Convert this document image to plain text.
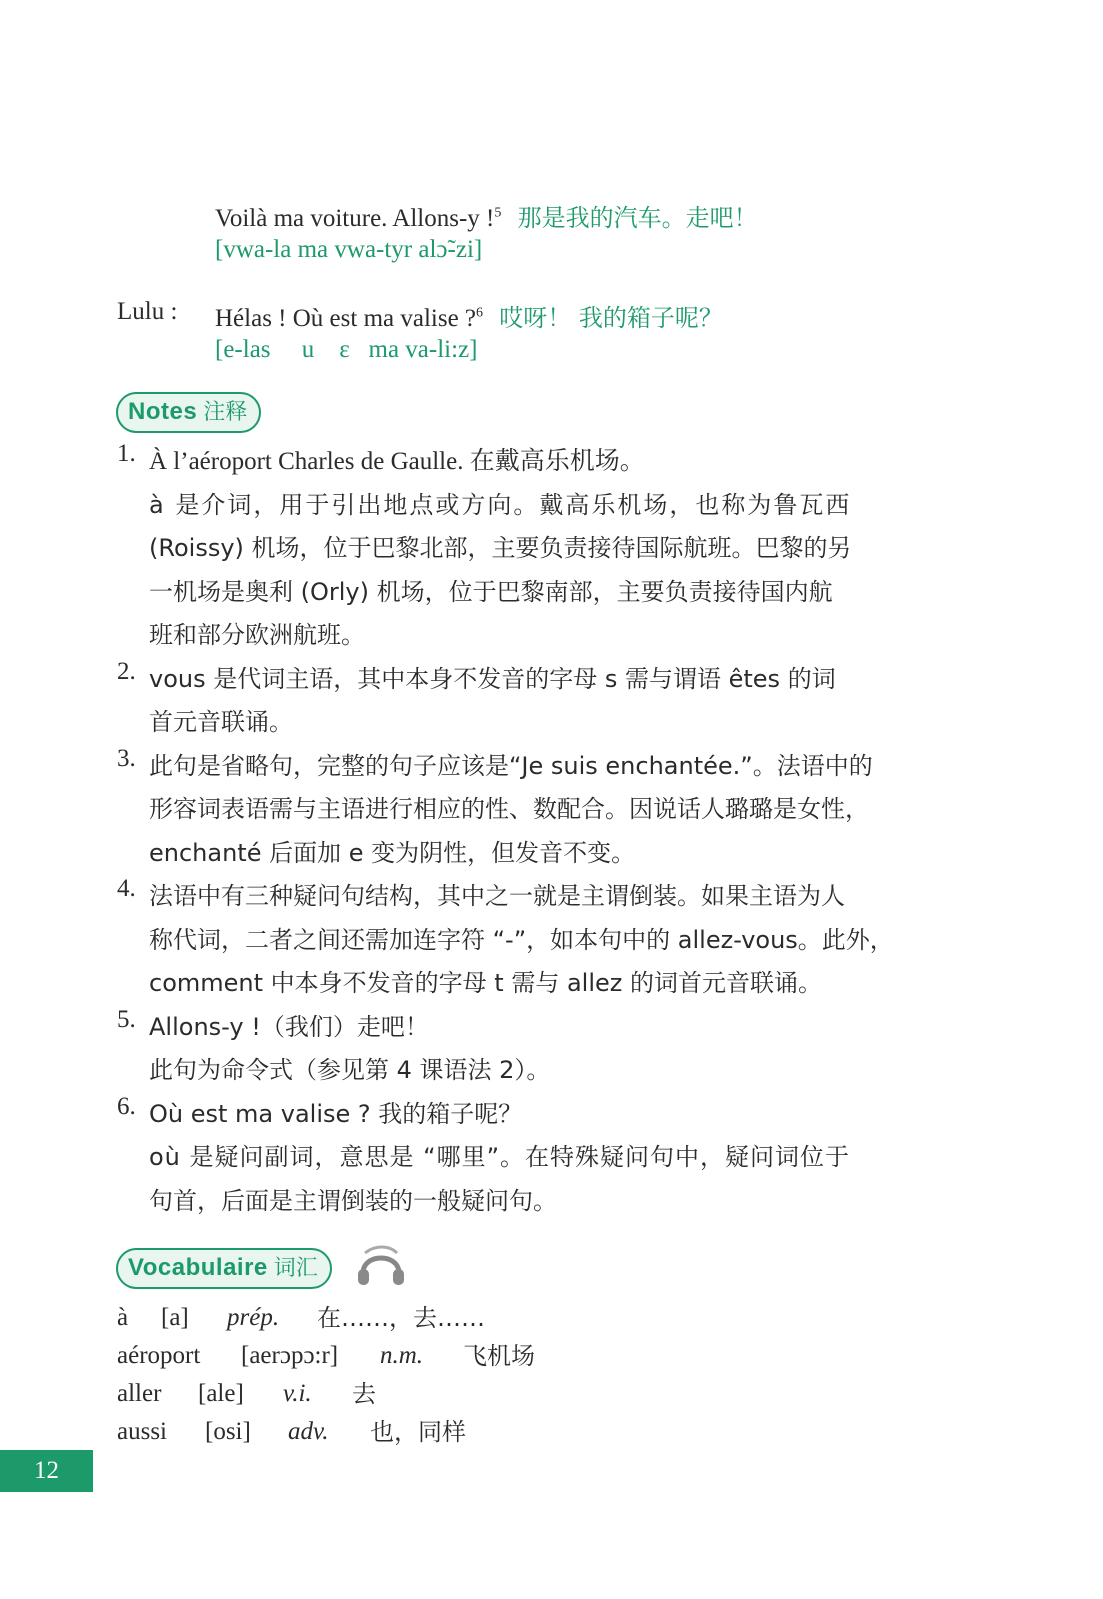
Voilà ma voiture. Allons-y !$^5$ 那是我的汽车。走吧！
[vwa-la ma vwa-tyr alɔ̃-zi]
Lulu : Hélas ! Où est ma valise ?$^6$ 哎呀！ 我的箱子呢？
[e-las     u    ɛ   ma va-li:z]
Notes 注释
1. À l’aéroport Charles de Gaulle. 在戴高乐机场。

à 是介词，用于引出地点或方向。戴高乐机场，也称为鲁瓦西

(Roissy) 机场，位于巴黎北部，主要负责接待国际航班。巴黎的另

一机场是奥利 (Orly) 机场，位于巴黎南部，主要负责接待国内航

班和部分欧洲航班。

2. vous 是代词主语，其中本身不发音的字母 s 需与谓语 êtes 的词

首元音联诵。

3. 此句是省略句，完整的句子应该是“Je suis enchantée.”。法语中的

形容词表语需与主语进行相应的性、数配合。因说话人璐璐是女性，

enchanté 后面加 e 变为阴性，但发音不变。

4. 法语中有三种疑问句结构，其中之一就是主谓倒装。如果主语为人

称代词，二者之间还需加连字符 “-”，如本句中的 allez-vous。此外，

comment 中本身不发音的字母 t 需与 allez 的词首元音联诵。

5. Allons-y !（我们）走吧！

此句为命令式（参见第 4 课语法 2）。

6. Où est ma valise ? 我的箱子呢？

où 是疑问副词，意思是 “哪里”。在特殊疑问句中，疑问词位于

句首，后面是主谓倒装的一般疑问句。

Vocabulaire 词汇
à [a] prép. 在……，去……
aéroport [aerɔpɔ:r] n.m. 飞机场
aller [ale] v.i. 去
aussi [osi] adv. 也，同样
12
